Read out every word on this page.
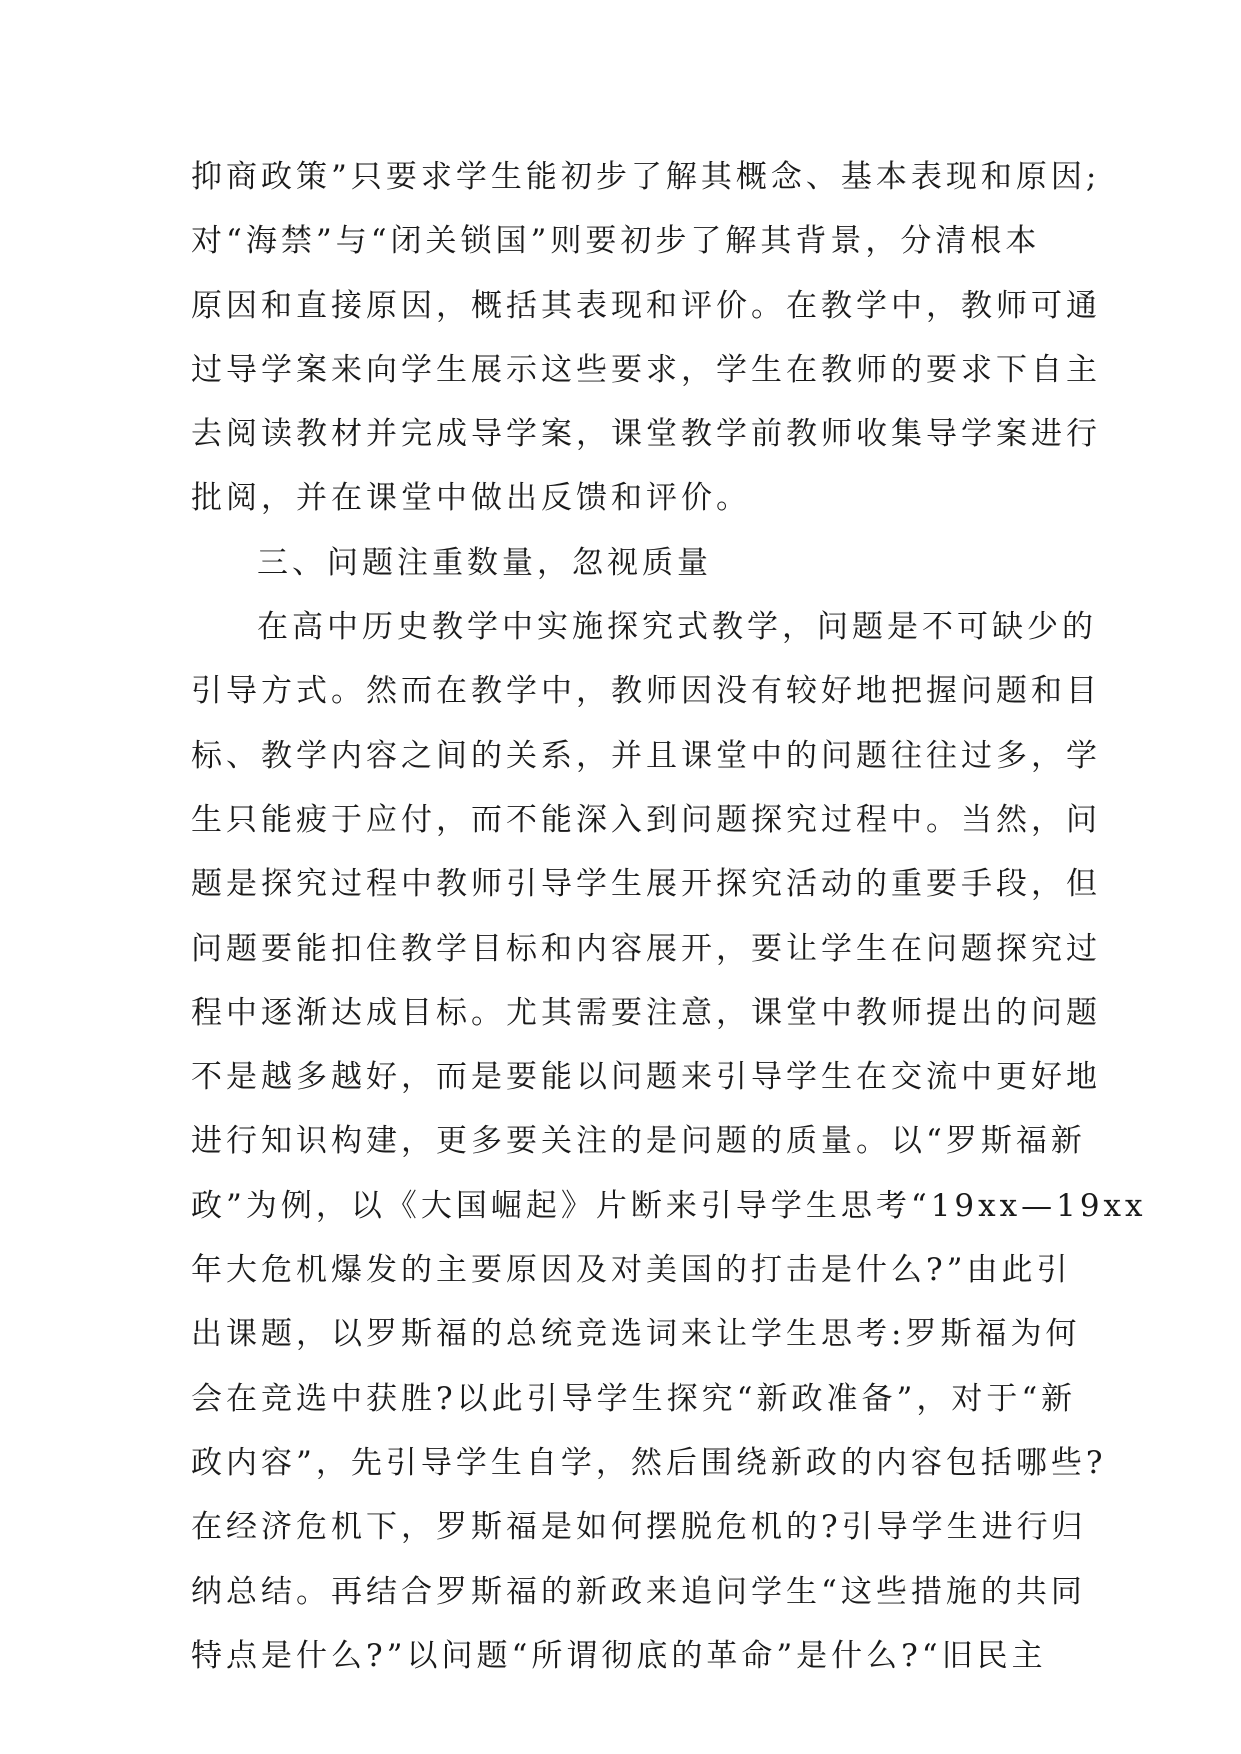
抑商政策”只要求学生能初步了解其概念、基本表现和原因;
对“海禁”与“闭关锁国”则要初步了解其背景，分清根本
原因和直接原因，概括其表现和评价。在教学中，教师可通
过导学案来向学生展示这些要求，学生在教师的要求下自主
去阅读教材并完成导学案，课堂教学前教师收集导学案进行
批阅，并在课堂中做出反馈和评价。
三、问题注重数量，忽视质量
在高中历史教学中实施探究式教学，问题是不可缺少的
引导方式。然而在教学中，教师因没有较好地把握问题和目
标、教学内容之间的关系，并且课堂中的问题往往过多，学
生只能疲于应付，而不能深入到问题探究过程中。当然，问
题是探究过程中教师引导学生展开探究活动的重要手段，但
问题要能扣住教学目标和内容展开，要让学生在问题探究过
程中逐渐达成目标。尤其需要注意，课堂中教师提出的问题
不是越多越好，而是要能以问题来引导学生在交流中更好地
进行知识构建，更多要关注的是问题的质量。以“罗斯福新
政”为例，以《大国崛起》片断来引导学生思考“19xx—19xx
年大危机爆发的主要原因及对美国的打击是什么?”由此引
出课题，以罗斯福的总统竞选词来让学生思考:罗斯福为何
会在竞选中获胜?以此引导学生探究“新政准备”，对于“新
政内容”，先引导学生自学，然后围绕新政的内容包括哪些?
在经济危机下，罗斯福是如何摆脱危机的?引导学生进行归
纳总结。再结合罗斯福的新政来追问学生“这些措施的共同
特点是什么?”以问题“所谓彻底的革命”是什么?“旧民主
